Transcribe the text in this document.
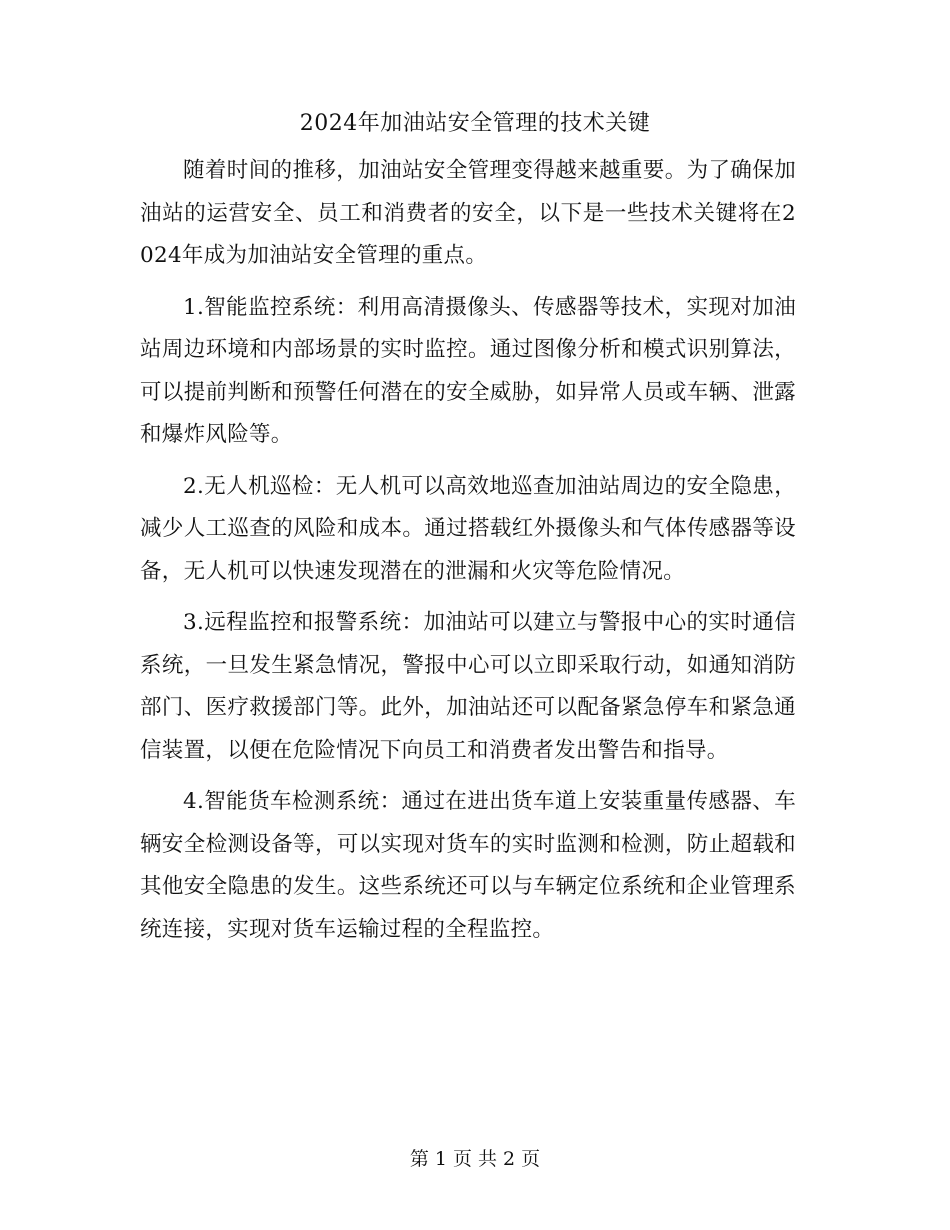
2024年加油站安全管理的技术关键

随着时间的推移，加油站安全管理变得越来越重要。为了确保加油站的运营安全、员工和消费者的安全，以下是一些技术关键将在2024年成为加油站安全管理的重点。

1.智能监控系统：利用高清摄像头、传感器等技术，实现对加油站周边环境和内部场景的实时监控。通过图像分析和模式识别算法，可以提前判断和预警任何潜在的安全威胁，如异常人员或车辆、泄露和爆炸风险等。

2.无人机巡检：无人机可以高效地巡查加油站周边的安全隐患，减少人工巡查的风险和成本。通过搭载红外摄像头和气体传感器等设备，无人机可以快速发现潜在的泄漏和火灾等危险情况。

3.远程监控和报警系统：加油站可以建立与警报中心的实时通信系统，一旦发生紧急情况，警报中心可以立即采取行动，如通知消防部门、医疗救援部门等。此外，加油站还可以配备紧急停车和紧急通信装置，以便在危险情况下向员工和消费者发出警告和指导。

4.智能货车检测系统：通过在进出货车道上安装重量传感器、车辆安全检测设备等，可以实现对货车的实时监测和检测，防止超载和其他安全隐患的发生。这些系统还可以与车辆定位系统和企业管理系统连接，实现对货车运输过程的全程监控。

第 1 页 共 2 页
